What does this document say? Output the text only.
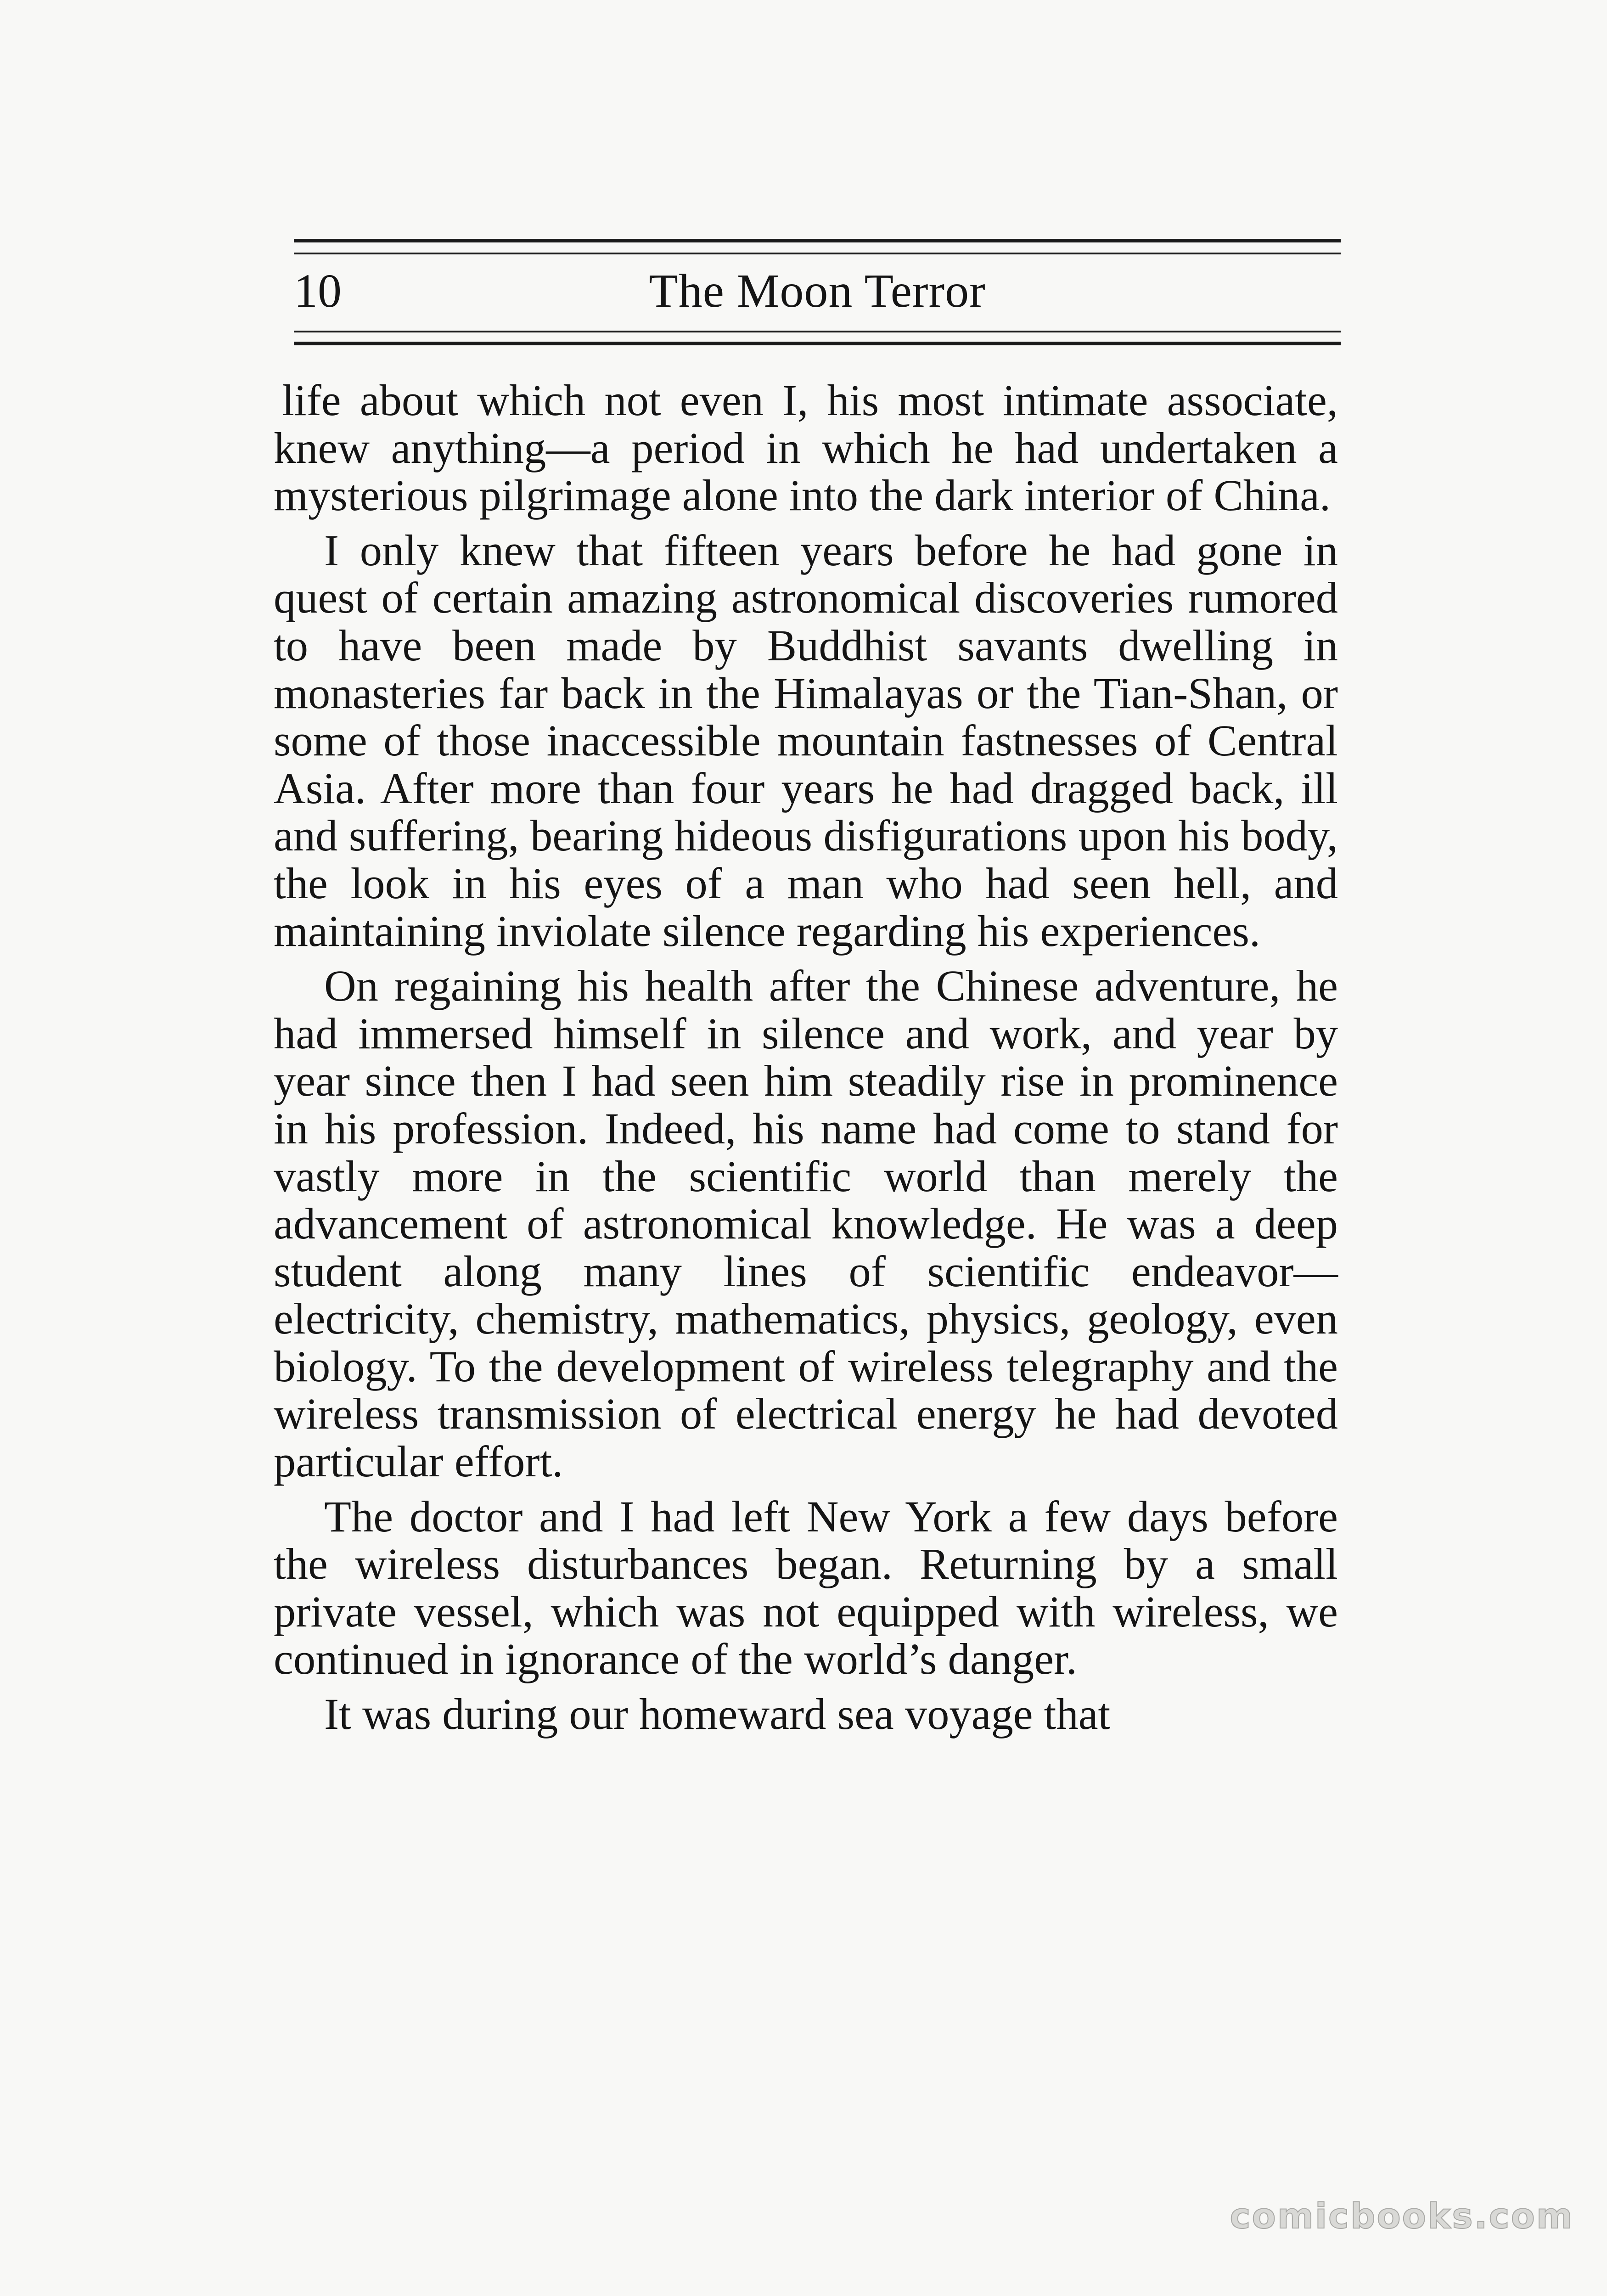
10	The Moon Terror

life about which not even I, his most intimate associate, knew anything—a period in which he had undertaken a mysterious pilgrimage alone into the dark interior of China.

I only knew that fifteen years before he had gone in quest of certain amazing astronomical discoveries rumored to have been made by Buddhist savants dwelling in monasteries far back in the Himalayas or the Tian-Shan, or some of those inaccessible mountain fastnesses of Central Asia. After more than four years he had dragged back, ill and suffering, bearing hideous disfigurations upon his body, the look in his eyes of a man who had seen hell, and maintaining inviolate silence regarding his experiences.

On regaining his health after the Chinese adventure, he had immersed himself in silence and work, and year by year since then I had seen him steadily rise in prominence in his profession. Indeed, his name had come to stand for vastly more in the scientific world than merely the advancement of astronomical knowledge. He was a deep student along many lines of scientific endeavor—electricity, chemistry, mathematics, physics, geology, even biology. To the development of wireless telegraphy and the wireless transmission of electrical energy he had devoted particular effort.

The doctor and I had left New York a few days before the wireless disturbances began. Returning by a small private vessel, which was not equipped with wireless, we continued in ignorance of the world’s danger.

It was during our homeward sea voyage that

comicbooks.com
